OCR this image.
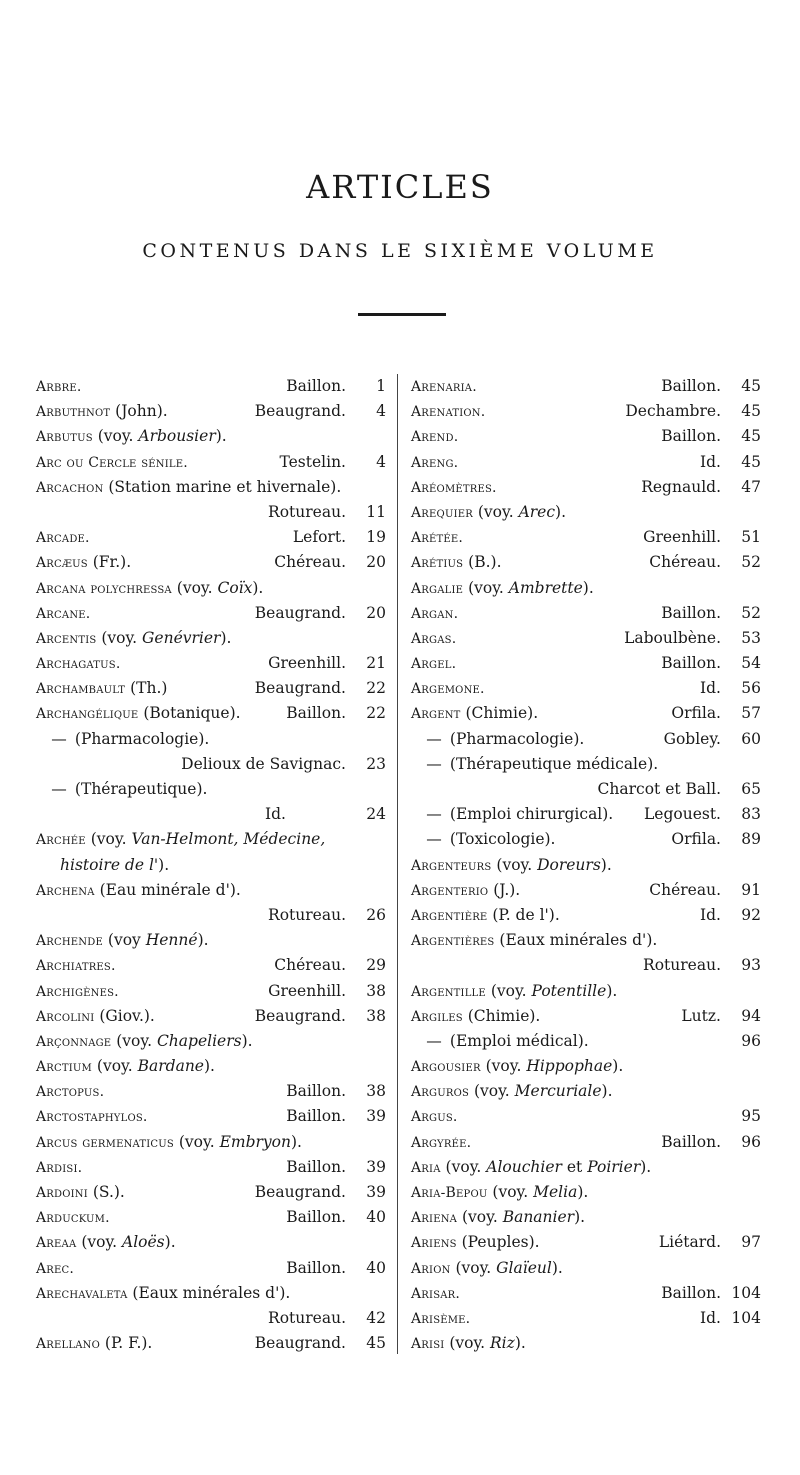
ARTICLES
CONTENUS DANS LE SIXIÈME VOLUME
Arbre.	Baillon.	1
Arbuthnot (John).	Beaugrand.	4
Arbutus (voy. Arbousier).
Arc ou Cercle sénile.	Testelin.	4
Arcachon (Station marine et hivernale).
Rotureau.	11
Arcade.	Lefort.	19
Arcæus (Fr.).	Chéreau.	20
Arcana polychressa (voy. Coïx).
Arcane.	Beaugrand.	20
Arcentis (voy. Genévrier).
Archagatus.	Greenhill.	21
Archambault (Th.)	Beaugrand.	22
Archangélique (Botanique).	Baillon.	22
— (Pharmacologie).
Delioux de Savignac.	23
— (Thérapeutique).
Id.	24
Archée (voy. Van-Helmont, Médecine,
histoire de l').
Archena (Eau minérale d').
Rotureau.	26
Archende (voy Henné).
Archiatres.	Chéreau.	29
Archigènes.	Greenhill.	38
Arcolini (Giov.).	Beaugrand.	38
Arçonnage (voy. Chapeliers).
Arctium (voy. Bardane).
Arctopus.	Baillon.	38
Arctostaphylos.	Baillon.	39
Arcus germenaticus (voy. Embryon).
Ardisi.	Baillon.	39
Ardoini (S.).	Beaugrand.	39
Arduckum.	Baillon.	40
Areaa (voy. Aloës).
Arec.	Baillon.	40
Arechavaleta (Eaux minérales d').
Rotureau.	42
Arellano (P. F.).	Beaugrand.	45
Arenaria.	Baillon.	45
Arenation.	Dechambre.	45
Arend.	Baillon.	45
Areng.	Id.	45
Aréomètres.	Regnauld.	47
Arequier (voy. Arec).
Arétée.	Greenhill.	51
Arétius (B.).	Chéreau.	52
Argalie (voy. Ambrette).
Argan.	Baillon.	52
Argas.	Laboulbène.	53
Argel.	Baillon.	54
Argemone.	Id.	56
Argent (Chimie).	Orfila.	57
— (Pharmacologie).	Gobley.	60
— (Thérapeutique médicale).
Charcot et Ball.	65
— (Emploi chirurgical). Legouest.	83
— (Toxicologie).	Orfila.	89
Argenteurs (voy. Doreurs).
Argenterio (J.).	Chéreau.	91
Argentière (P. de l').	Id.	92
Argentières (Eaux minérales d').
Rotureau.	93
Argentille (voy. Potentille).
Argiles (Chimie).	Lutz.	94
— (Emploi médical).	96
Argousier (voy. Hippophae).
Arguros (voy. Mercuriale).
Argus.	95
Argyrée.	Baillon.	96
Aria (voy. Alouchier et Poirier).
Aria-Bepou (voy. Melia).
Ariena (voy. Bananier).
Ariens (Peuples).	Liétard.	97
Arion (voy. Glaïeul).
Arisar.	Baillon. 104
Arisème.	Id. 104
Arisi (voy. Riz).
